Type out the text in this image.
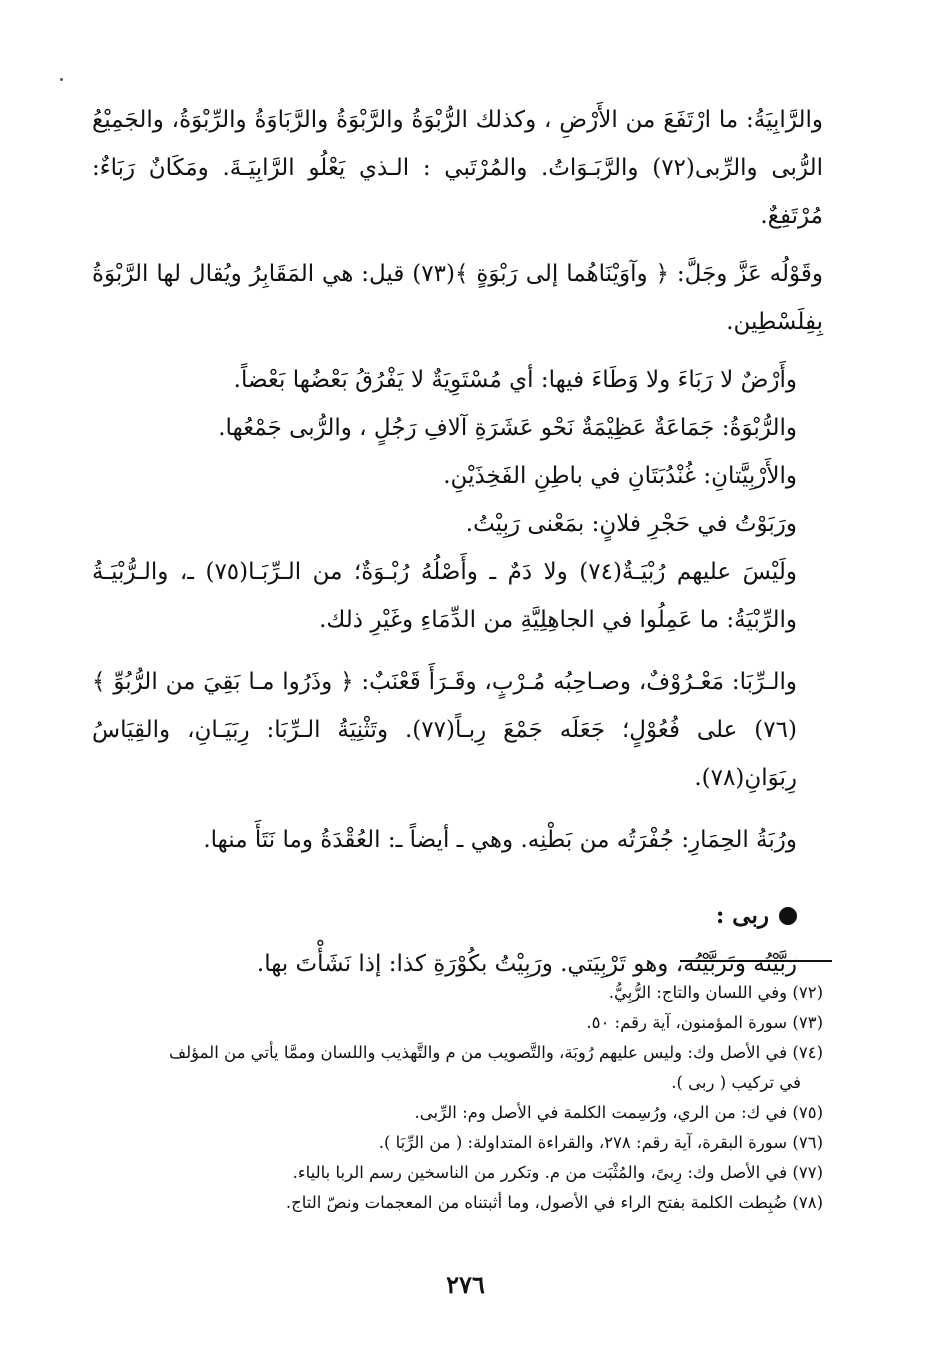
والرَّابِيَةُ: ما ارْتَفَعَ من الأَرْضِ ، وكذلك الرُّبْوَةُ والرَّبْوَةُ والرَّبَاوَةُ والرِّبْوَةُ، والجَمِيْعُ الرُّبى والرِّبى(٧٢) والرَّبَـوَاتُ. والمُرْتَبي : الـذي يَعْلُو الرَّابِيَـةَ. ومَكَانٌ رَبَاءٌ: مُرْتَفِعٌ.

وقَوْلُه عَزَّ وجَلَّ: ﴿ وآوَيْنَاهُما إلى رَبْوَةٍ ﴾(٧٣) قيل: هي المَقَابِرُ ويُقال لها الرَّبْوَةُ بِفِلَسْطِين.

وأَرْضٌ لا رَبَاءَ ولا وَطَاءَ فيها: أي مُسْتَوِيَةٌ لا يَفْرُقُ بَعْضُها بَعْضاً.

والرُّبْوَةُ: جَمَاعَةٌ عَظِيْمَةٌ نَحْو عَشَرَةِ آلافِ رَجُلٍ ، والرُّبى جَمْعُها.

والأَرْبِيَّتانِ: غُنْدُبَتَانِ في باطِنِ الفَخِذَيْنِ.

ورَبَوْتُ في حَجْرِ فلانٍ: بمَعْنى رَبِيْتُ.

ولَيْسَ عليهم رُبْيَـةٌ(٧٤) ولا دَمٌ ـ وأَصْلُهُ رُبْـوَةٌ؛ من الـرِّبَـا(٧٥) ـ، والـرُّبْيَـةُ والرِّبْيَةُ: ما عَمِلُوا في الجاهِلِيَّةِ من الدِّمَاءِ وغَيْرِ ذلك.

والـرِّبَا: مَعْـرُوْفٌ، وصـاحِبُه مُـرْبٍ، وقَـرَأَ قَعْنَبٌ: ﴿ وذَرُوا مـا بَقِيَ من الرُّبُوِّ ﴾(٧٦) على فُعُوْلٍ؛ جَعَلَه جَمْعَ رِبـاً(٧٧). وتَثْنِيَةُ الـرِّبَا: رِبَيَـانِ، والقِيَاسُ رِبَوَانِ(٧٨).

ورُبَةُ الحِمَارِ: جُفْرَتُه من بَطْنِه. وهي ـ أيضاً ـ: العُقْدَةُ وما نَتَأَ منها.

ربى :

رَبَّيْتُه وتَرَبَّيْتُه، وهو تَرْبِيَتي. ورَبِيْتُ بكُوْرَةِ كذا: إذا نَشَأْتَ بها.

(٧٢) وفي اللسان والتاج: الرُّبِيُّ.

(٧٣) سورة المؤمنون، آية رقم: ٥٠.

(٧٤) في الأصل وك: وليس عليهم رُوبَة، والتَّصويب من م والتَّهذيب واللسان وممَّا يأتي من المؤلف

في تركيب ( ربى ).

(٧٥) في ك: من الري، ورُسِمت الكلمة في الأصل وم: الرِّبى.

(٧٦) سورة البقرة، آية رقم: ٢٧٨، والقراءة المتداولة: ( من الرِّبَا ).

(٧٧) في الأصل وك: رِبىً، والمُثْبَت من م. وتكرر من الناسخين رسم الربا بالياء.

(٧٨) ضُبِطت الكلمة بفتح الراء في الأصول، وما أثبتناه من المعجمات ونصّ التاج.

٢٧٦
